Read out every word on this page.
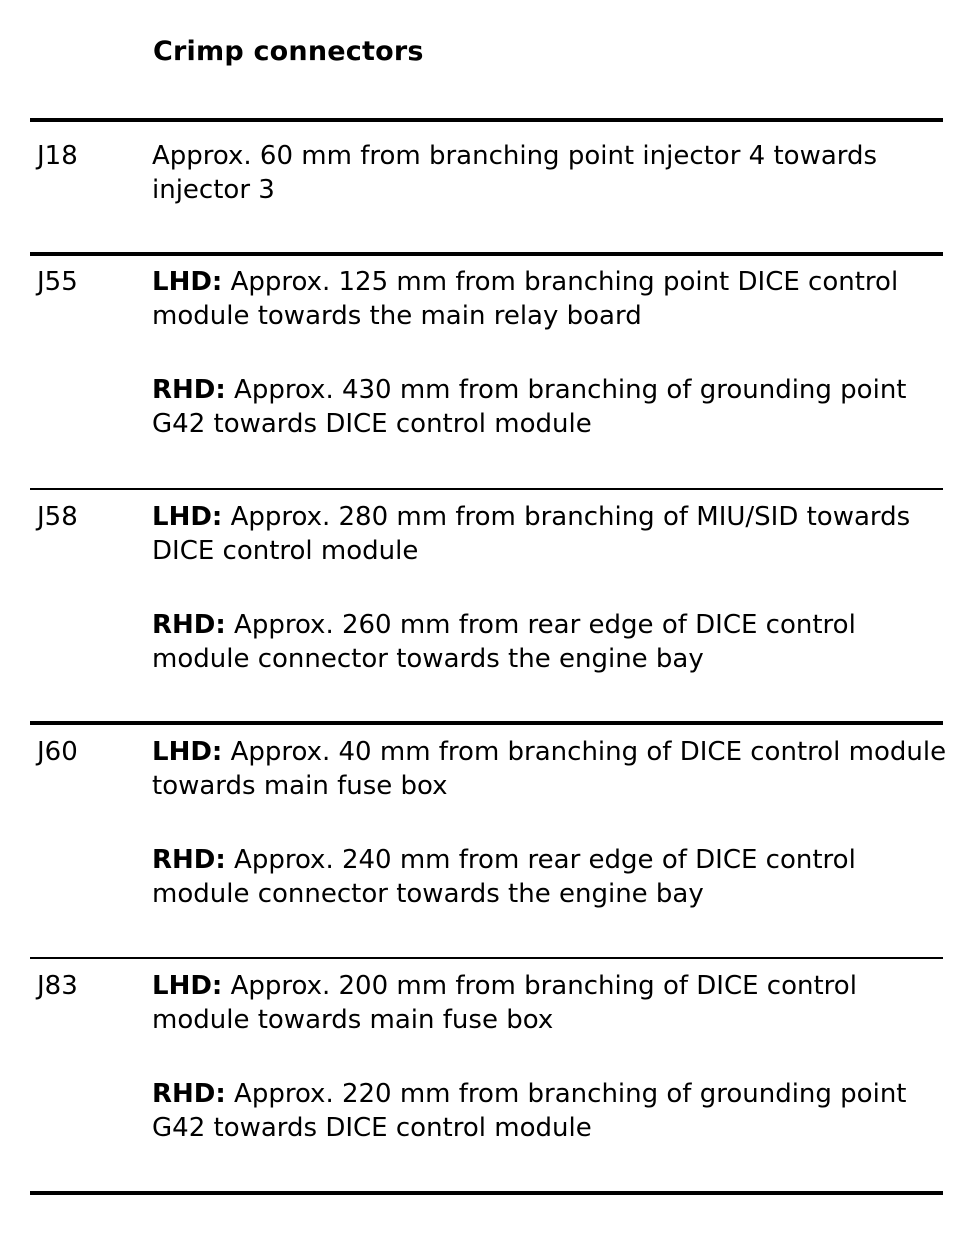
Crimp connectors
J18	Approx. 60 mm from branching point injector 4 towards injector 3

J55	LHD: Approx. 125 mm from branching point DICE control module towards the main relay board

RHD: Approx. 430 mm from branching of grounding point G42 towards DICE control module

J58	LHD: Approx. 280 mm from branching of MIU/SID towards DICE control module

RHD: Approx. 260 mm from rear edge of DICE control module connector towards the engine bay

J60	LHD: Approx. 40 mm from branching of DICE control module towards main fuse box

RHD: Approx. 240 mm from rear edge of DICE control module connector towards the engine bay

J83	LHD: Approx. 200 mm from branching of DICE control module towards main fuse box

RHD: Approx. 220 mm from branching of grounding point G42 towards DICE control module
